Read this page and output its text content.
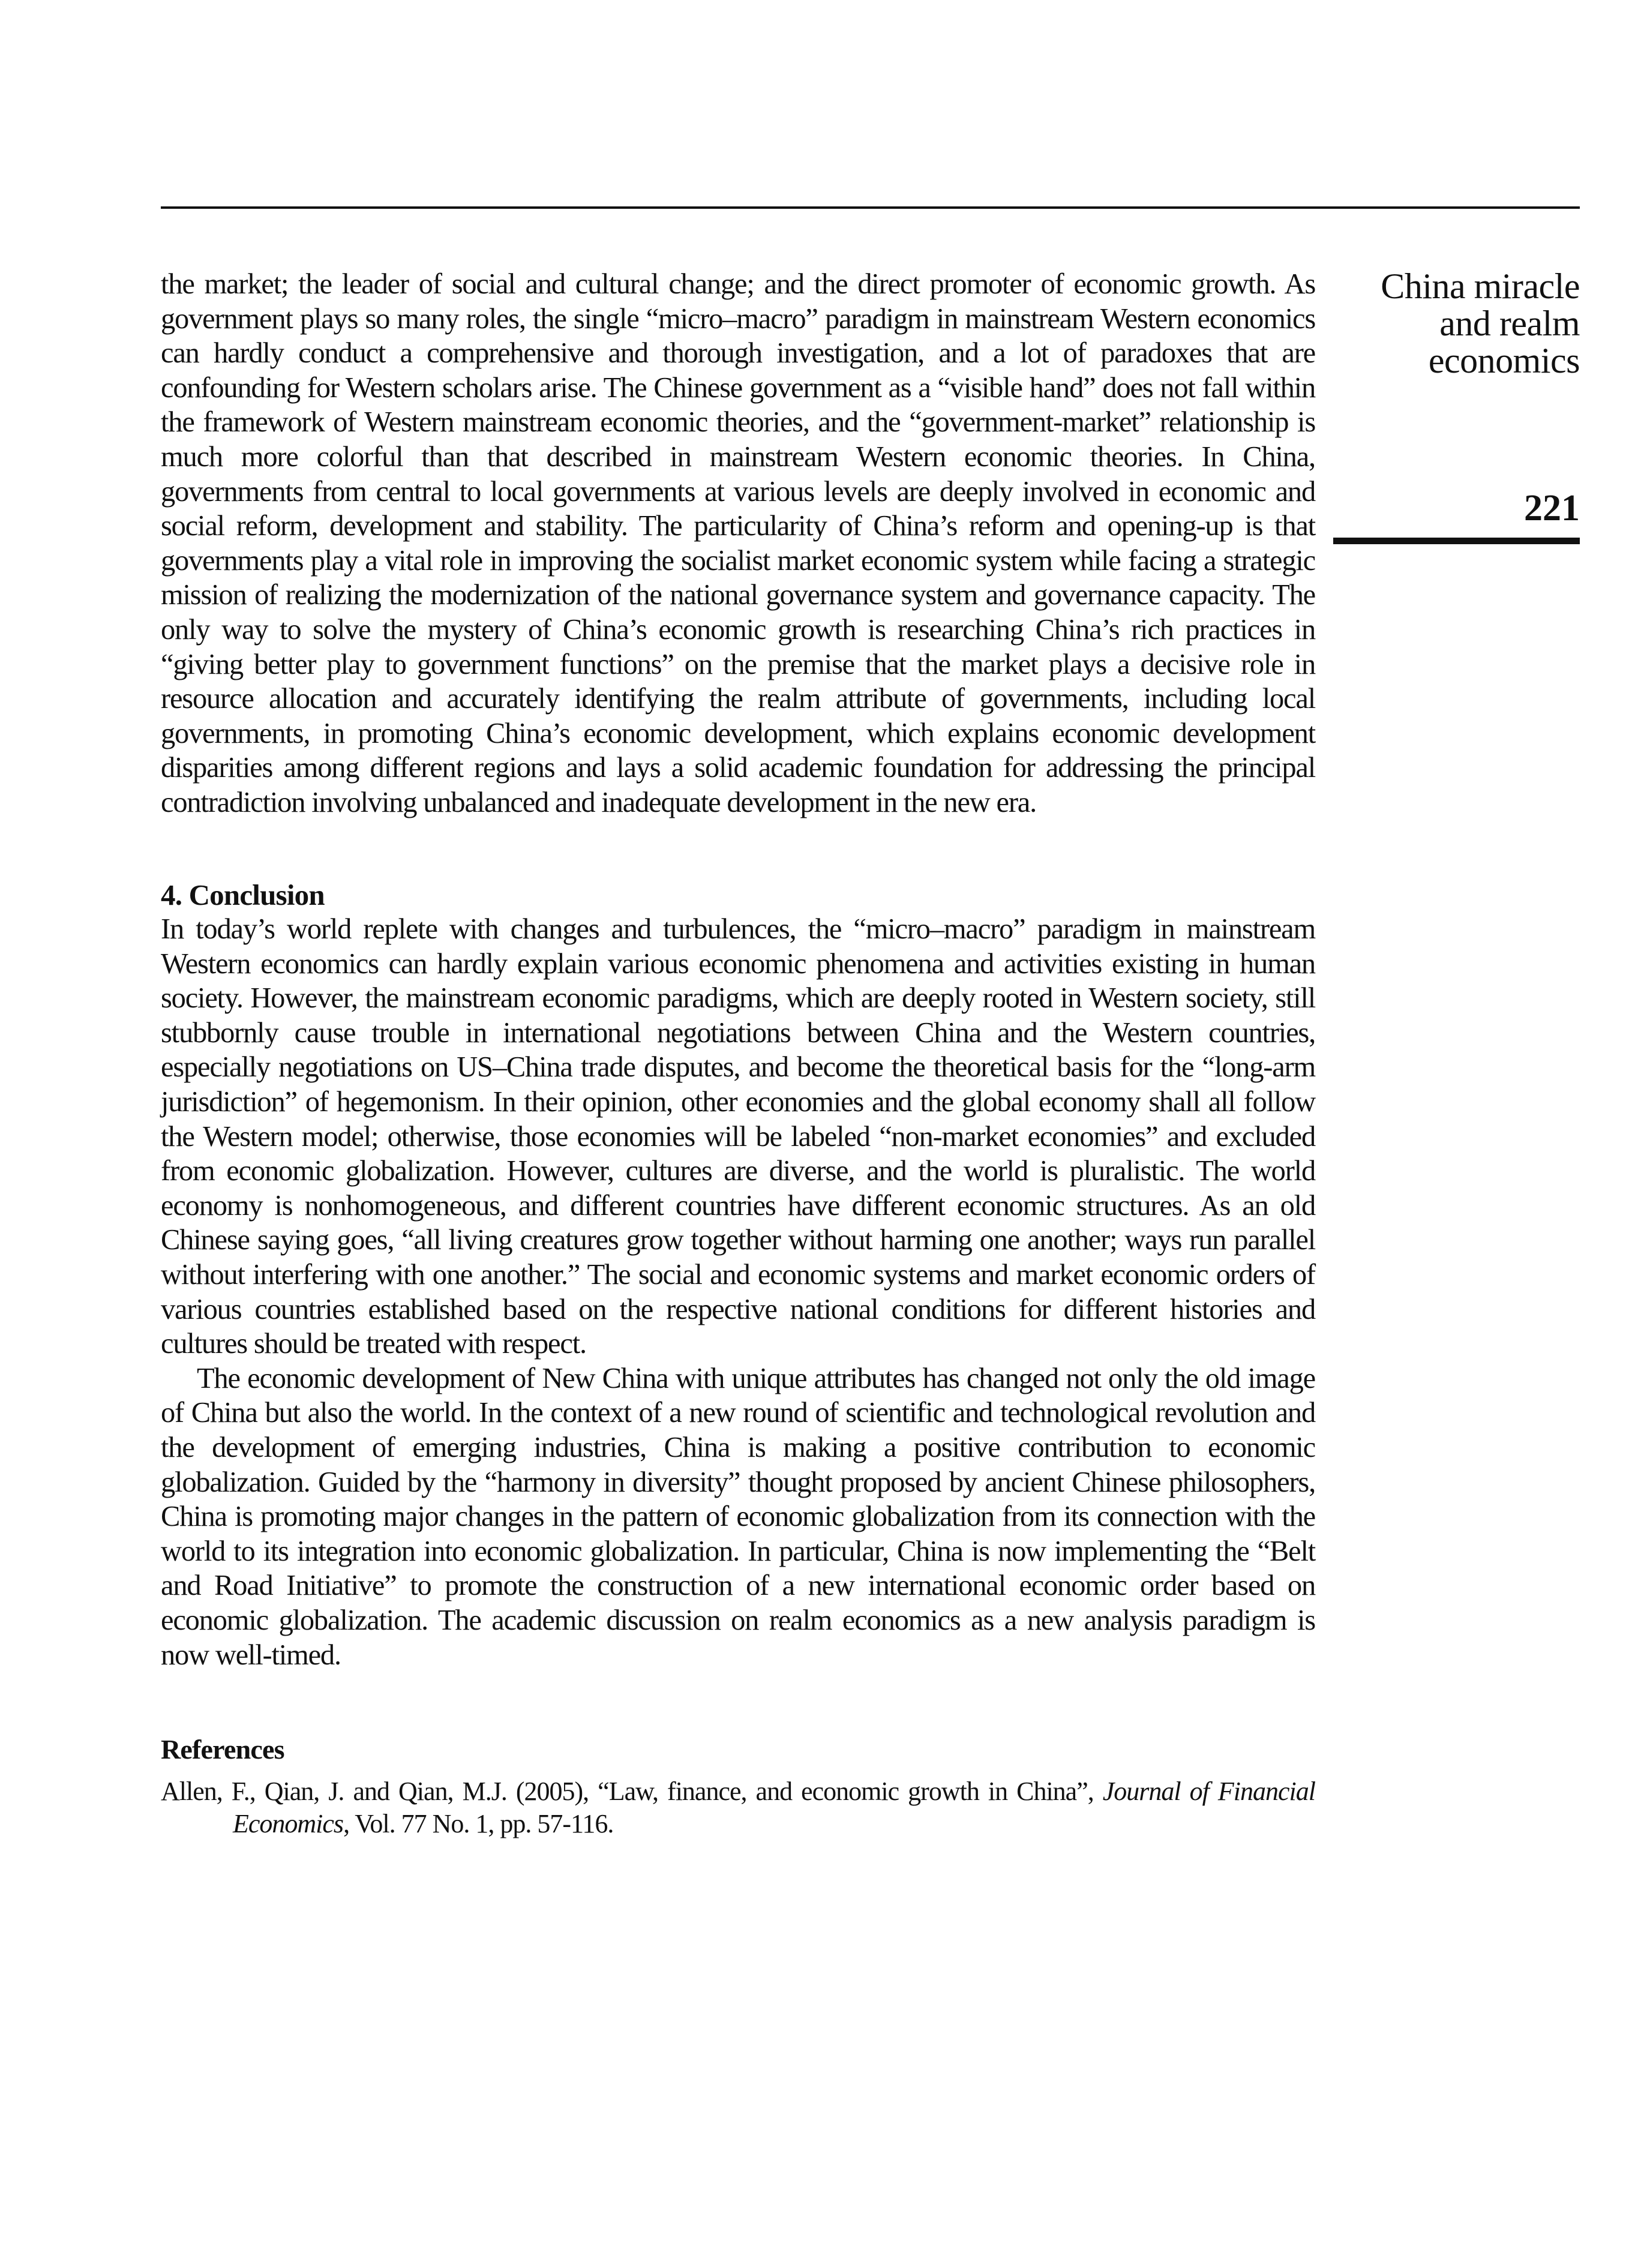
China miracle

and realm

economics

221

the market; the leader of social and cultural change; and the direct promoter of economic growth. As government plays so many roles, the single “micro–macro” paradigm in mainstream Western economics can hardly conduct a comprehensive and thorough investigation, and a lot of paradoxes that are confounding for Western scholars arise. The Chinese government as a “visible hand” does not fall within the framework of Western mainstream economic theories, and the “government-market” relationship is much more colorful than that described in mainstream Western economic theories. In China, governments from central to local governments at various levels are deeply involved in economic and social reform, development and stability. The particularity of China’s reform and opening-up is that governments play a vital role in improving the socialist market economic system while facing a strategic mission of realizing the modernization of the national governance system and governance capacity. The only way to solve the mystery of China’s economic growth is researching China’s rich practices in “giving better play to government functions” on the premise that the market plays a decisive role in resource allocation and accurately identifying the realm attribute of governments, including local governments, in promoting China’s economic development, which explains economic development disparities among different regions and lays a solid academic foundation for addressing the principal contradiction involving unbalanced and inadequate development in the new era.

4. Conclusion

In today’s world replete with changes and turbulences, the “micro–macro” paradigm in mainstream Western economics can hardly explain various economic phenomena and activities existing in human society. However, the mainstream economic paradigms, which are deeply rooted in Western society, still stubbornly cause trouble in international negotiations between China and the Western countries, especially negotiations on US–China trade disputes, and become the theoretical basis for the “long-arm jurisdiction” of hegemonism. In their opinion, other economies and the global economy shall all follow the Western model; otherwise, those economies will be labeled “non-market economies” and excluded from economic globalization. However, cultures are diverse, and the world is pluralistic. The world economy is nonhomogeneous, and different countries have different economic structures. As an old Chinese saying goes, “all living creatures grow together without harming one another; ways run parallel without interfering with one another.” The social and economic systems and market economic orders of various countries established based on the respective national conditions for different histories and cultures should be treated with respect.

The economic development of New China with unique attributes has changed not only the old image of China but also the world. In the context of a new round of scientific and technological revolution and the development of emerging industries, China is making a positive contribution to economic globalization. Guided by the “harmony in diversity” thought proposed by ancient Chinese philosophers, China is promoting major changes in the pattern of economic globalization from its connection with the world to its integration into economic globalization. In particular, China is now implementing the “Belt and Road Initiative” to promote the construction of a new international economic order based on economic globalization. The academic discussion on realm economics as a new analysis paradigm is now well-timed.

References

Allen, F., Qian, J. and Qian, M.J. (2005), “Law, finance, and economic growth in China”, Journal of Financial Economics, Vol. 77 No. 1, pp. 57-116.
